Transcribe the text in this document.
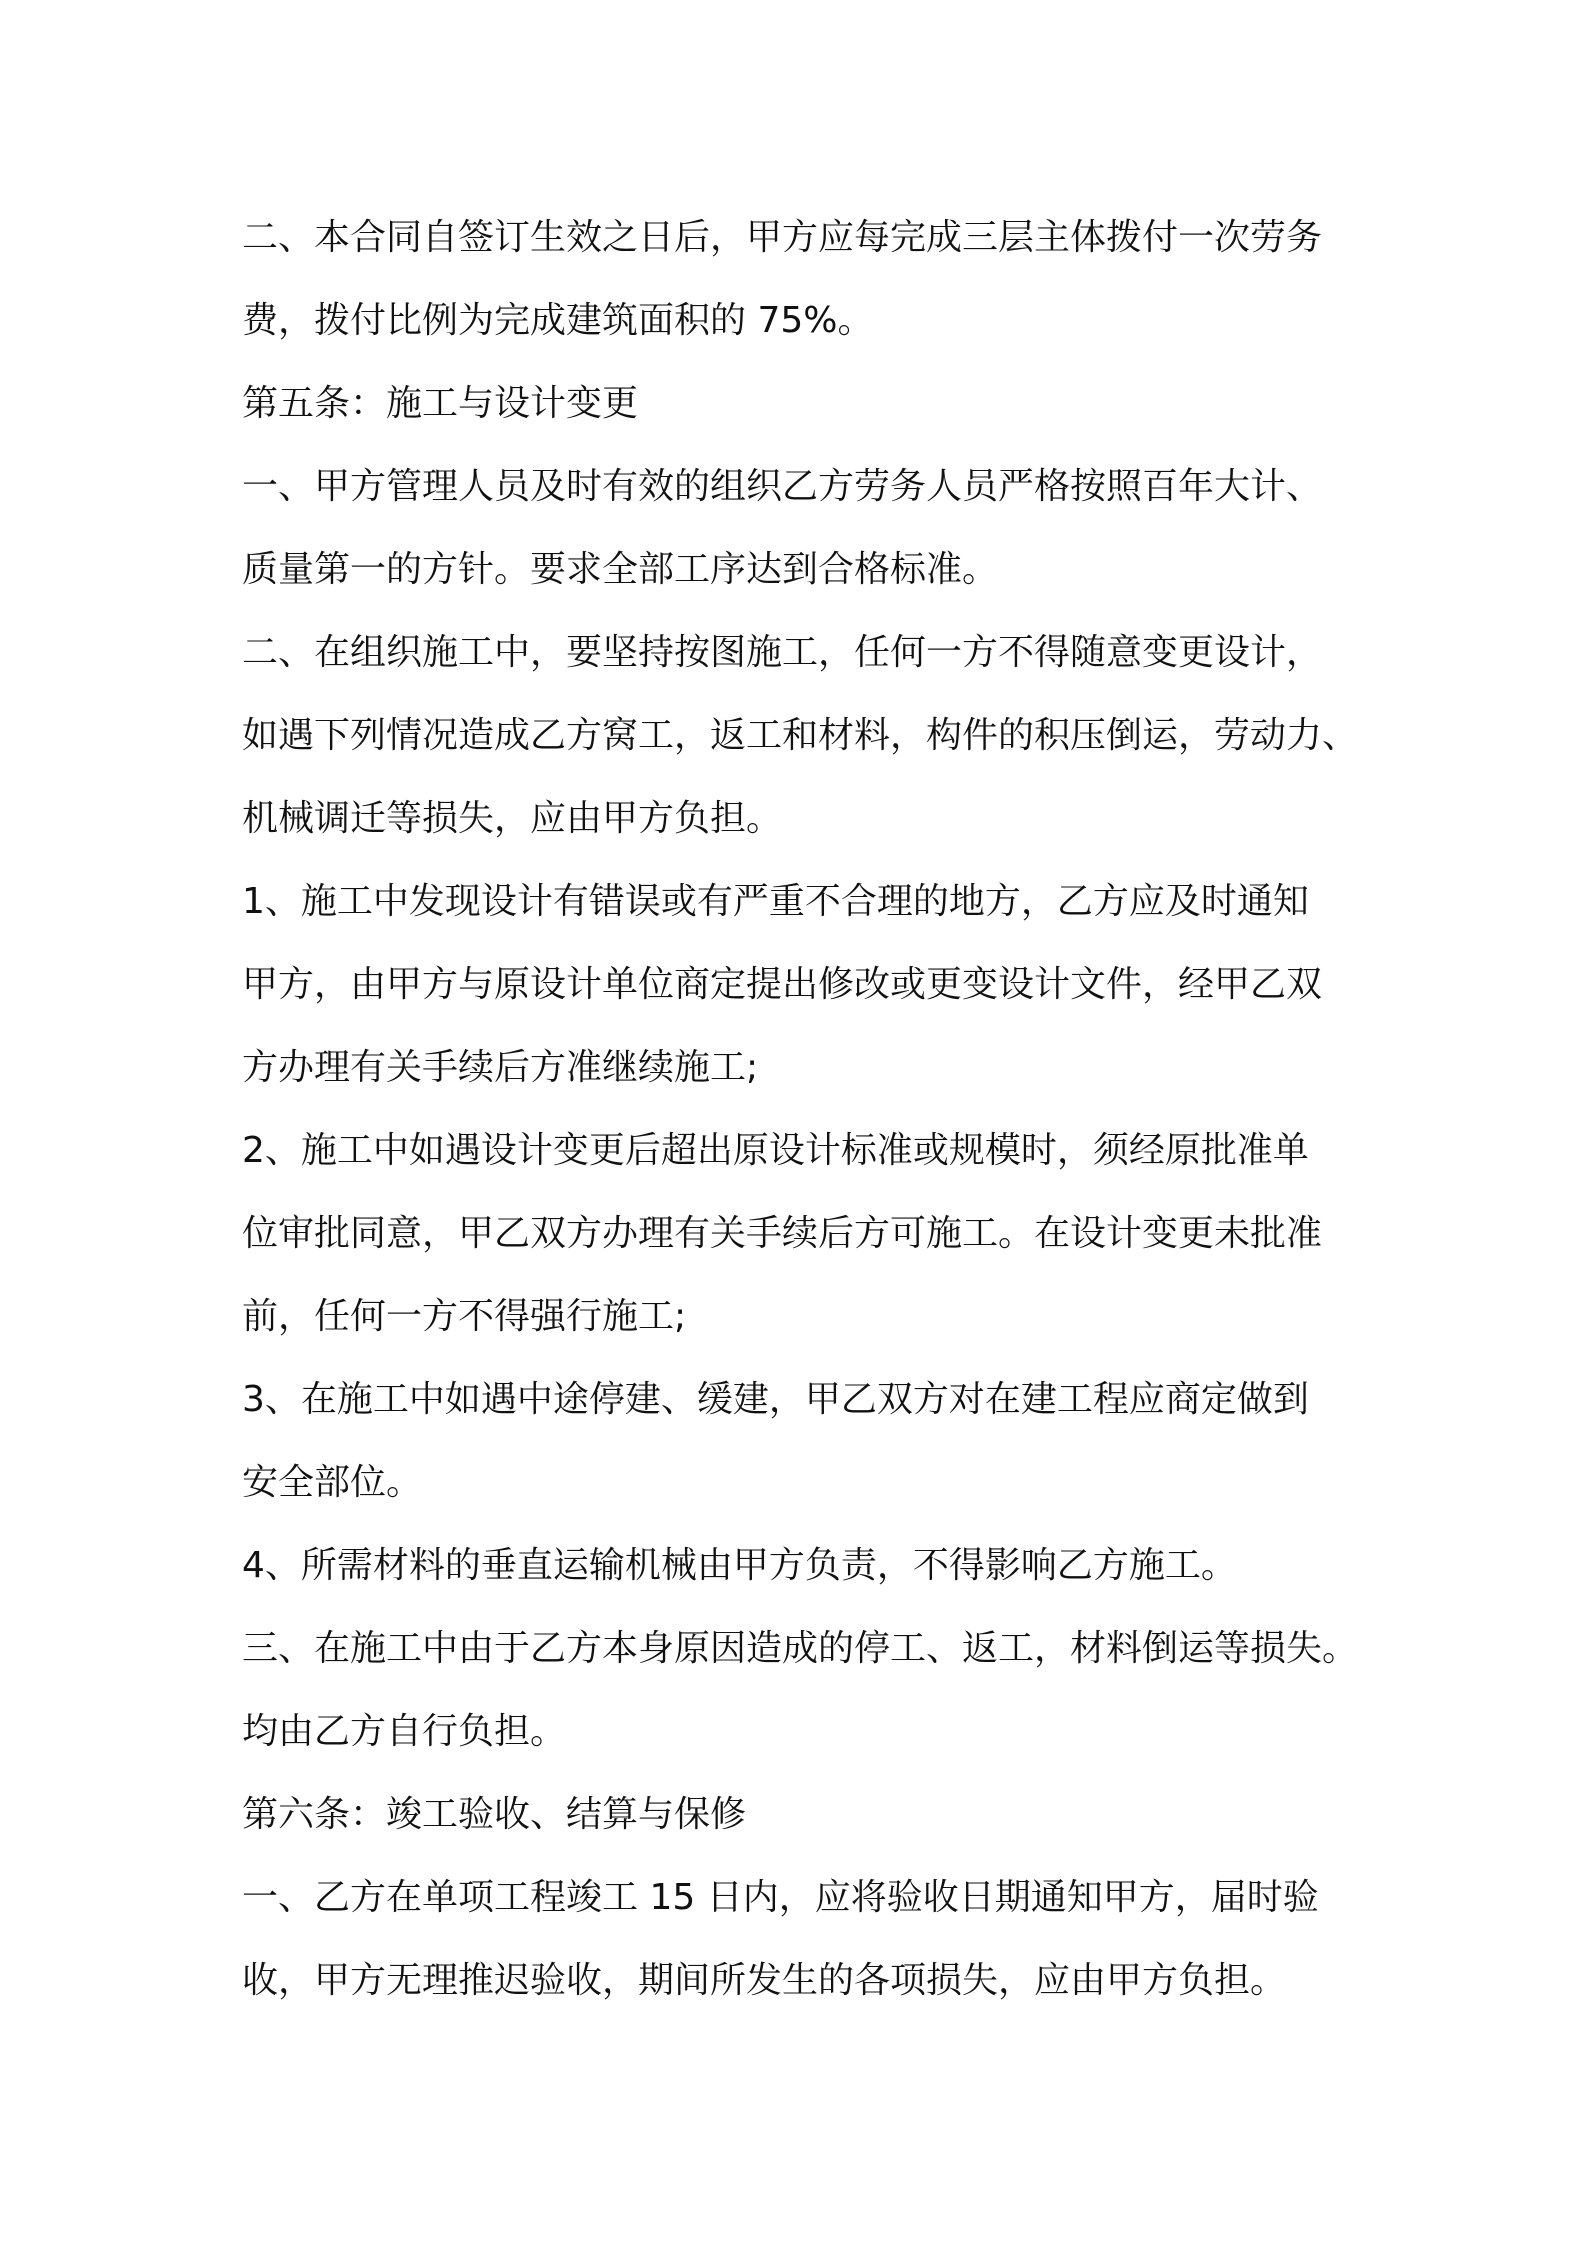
二、本合同自签订生效之日后，甲方应每完成三层主体拨付一次劳务
费，拨付比例为完成建筑面积的 75%。
第五条：施工与设计变更
一、甲方管理人员及时有效的组织乙方劳务人员严格按照百年大计、
质量第一的方针。要求全部工序达到合格标准。
二、在组织施工中，要坚持按图施工，任何一方不得随意变更设计，
如遇下列情况造成乙方窝工，返工和材料，构件的积压倒运，劳动力、
机械调迁等损失，应由甲方负担。
1、施工中发现设计有错误或有严重不合理的地方，乙方应及时通知
甲方，由甲方与原设计单位商定提出修改或更变设计文件，经甲乙双
方办理有关手续后方准继续施工;
2、施工中如遇设计变更后超出原设计标准或规模时，须经原批准单
位审批同意，甲乙双方办理有关手续后方可施工。在设计变更未批准
前，任何一方不得强行施工;
3、在施工中如遇中途停建、缓建，甲乙双方对在建工程应商定做到
安全部位。
4、所需材料的垂直运输机械由甲方负责，不得影响乙方施工。
三、在施工中由于乙方本身原因造成的停工、返工，材料倒运等损失。
均由乙方自行负担。
第六条：竣工验收、结算与保修
一、乙方在单项工程竣工 15 日内，应将验收日期通知甲方，届时验
收，甲方无理推迟验收，期间所发生的各项损失，应由甲方负担。
